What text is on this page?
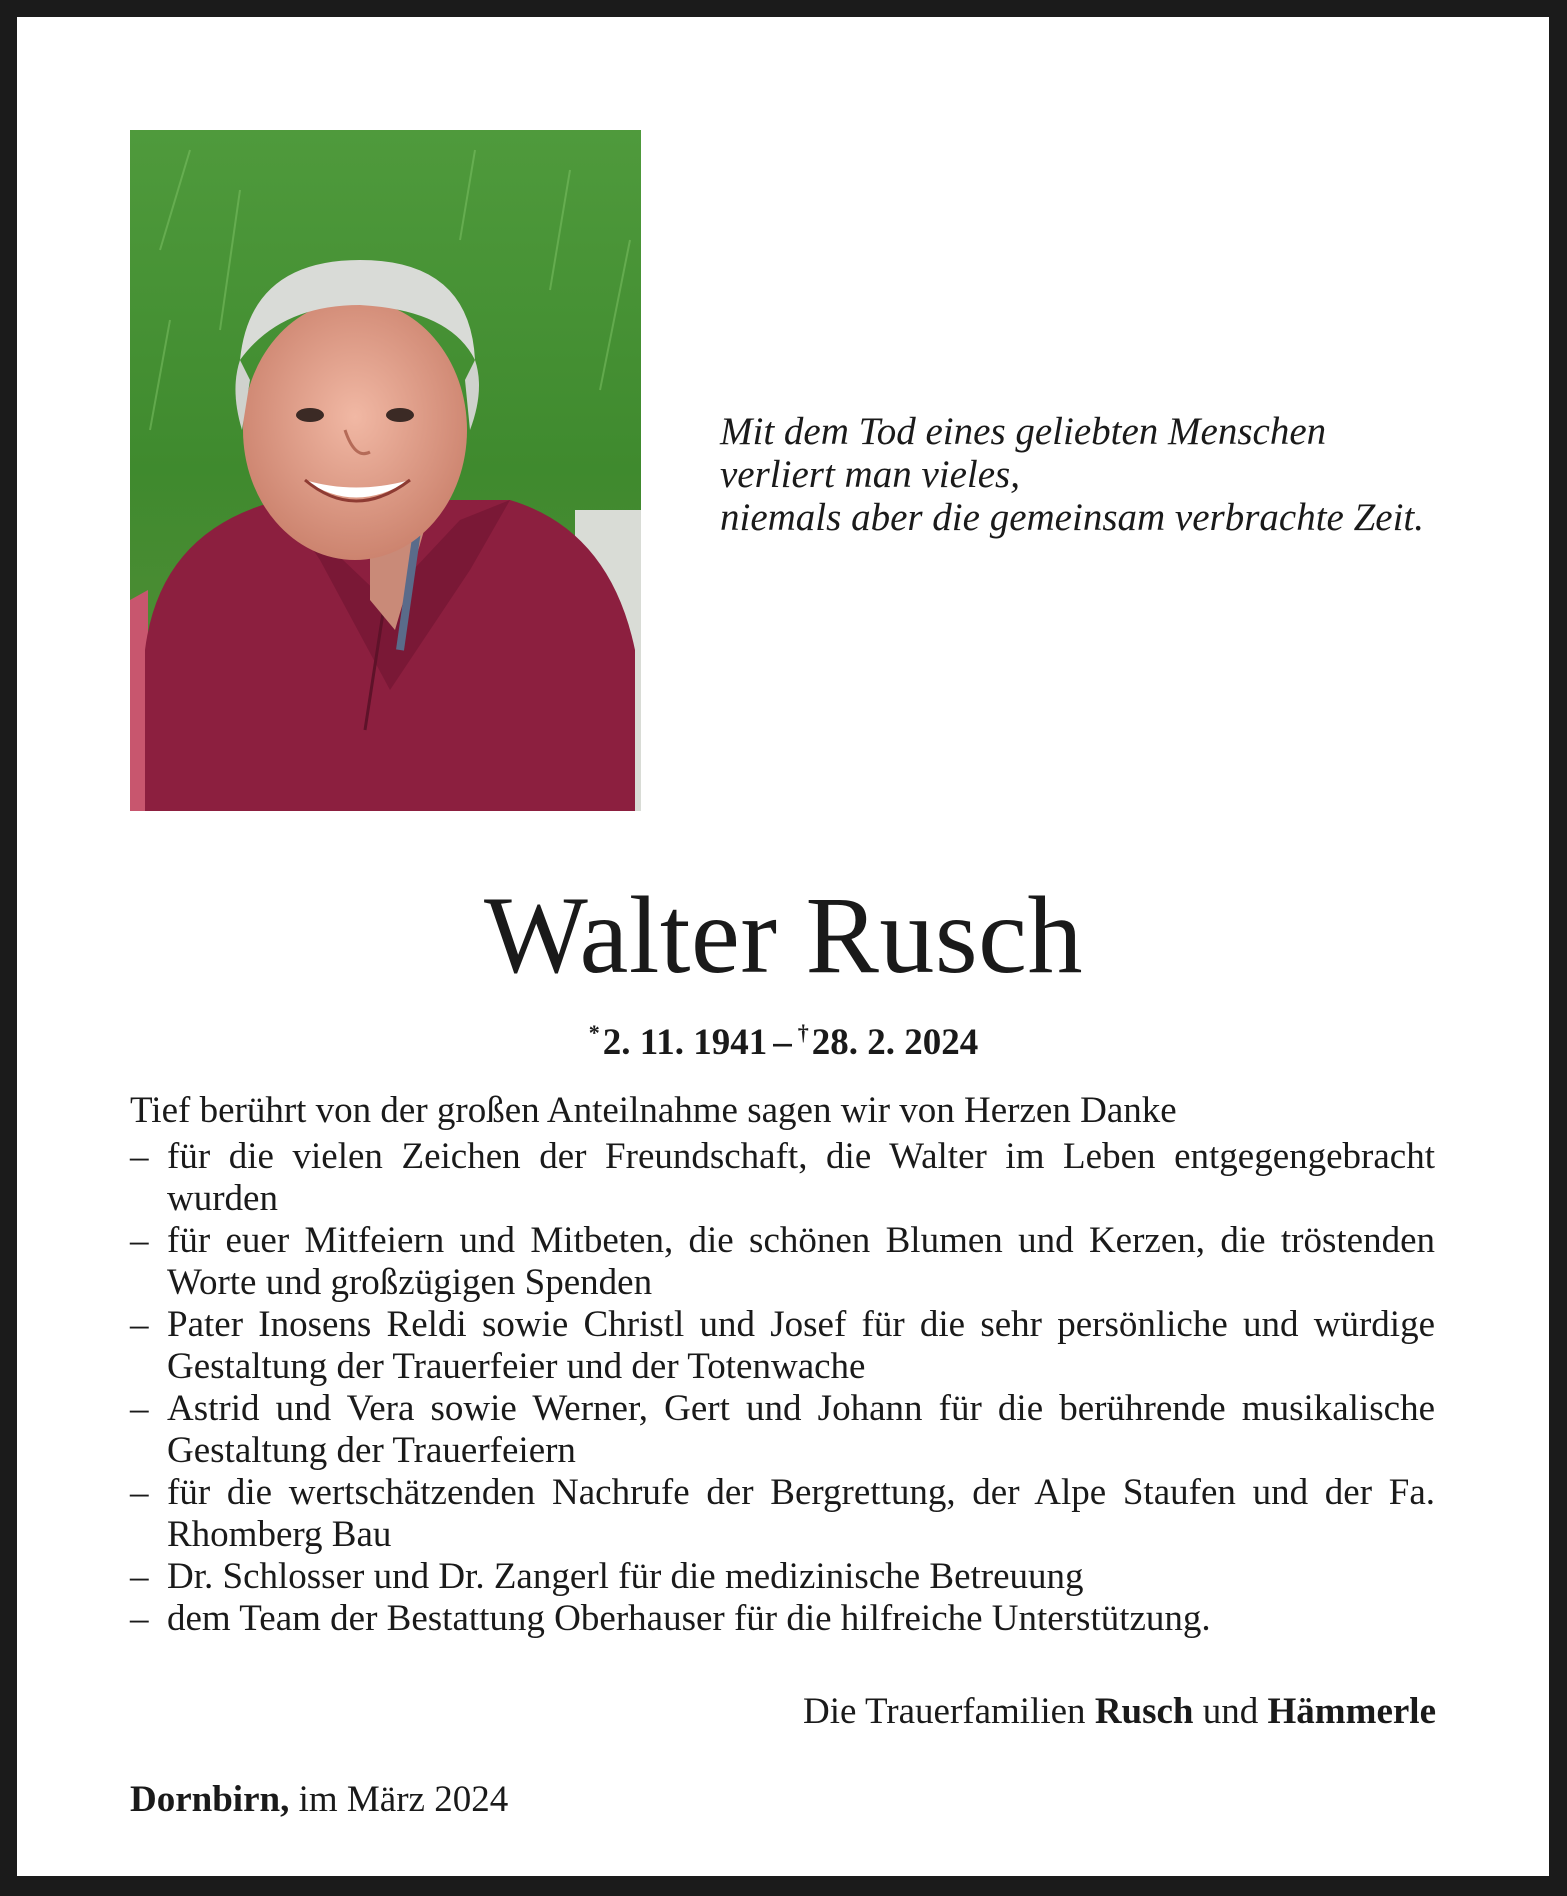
Mit dem Tod eines geliebten Menschen
verliert man vieles,
niemals aber die gemeinsam verbrachte Zeit.
Walter Rusch
*2. 11. 1941 – †28. 2. 2024

Tief berührt von der großen Anteilnahme sagen wir von Herzen Danke

– für die vielen Zeichen der Freundschaft, die Walter im Leben entgegengebracht wurden
– für euer Mitfeiern und Mitbeten, die schönen Blumen und Kerzen, die tröstenden Worte und großzügigen Spenden
– Pater Inosens Reldi sowie Christl und Josef für die sehr persönliche und würdige Gestaltung der Trauerfeier und der Totenwache
– Astrid und Vera sowie Werner, Gert und Johann für die berührende musikalische Gestaltung der Trauerfeiern
– für die wertschätzenden Nachrufe der Bergrettung, der Alpe Staufen und der Fa. Rhomberg Bau
– Dr. Schlosser und Dr. Zangerl für die medizinische Betreuung
– dem Team der Bestattung Oberhauser für die hilfreiche Unterstützung.
Die Trauerfamilien Rusch und Hämmerle
Dornbirn, im März 2024
